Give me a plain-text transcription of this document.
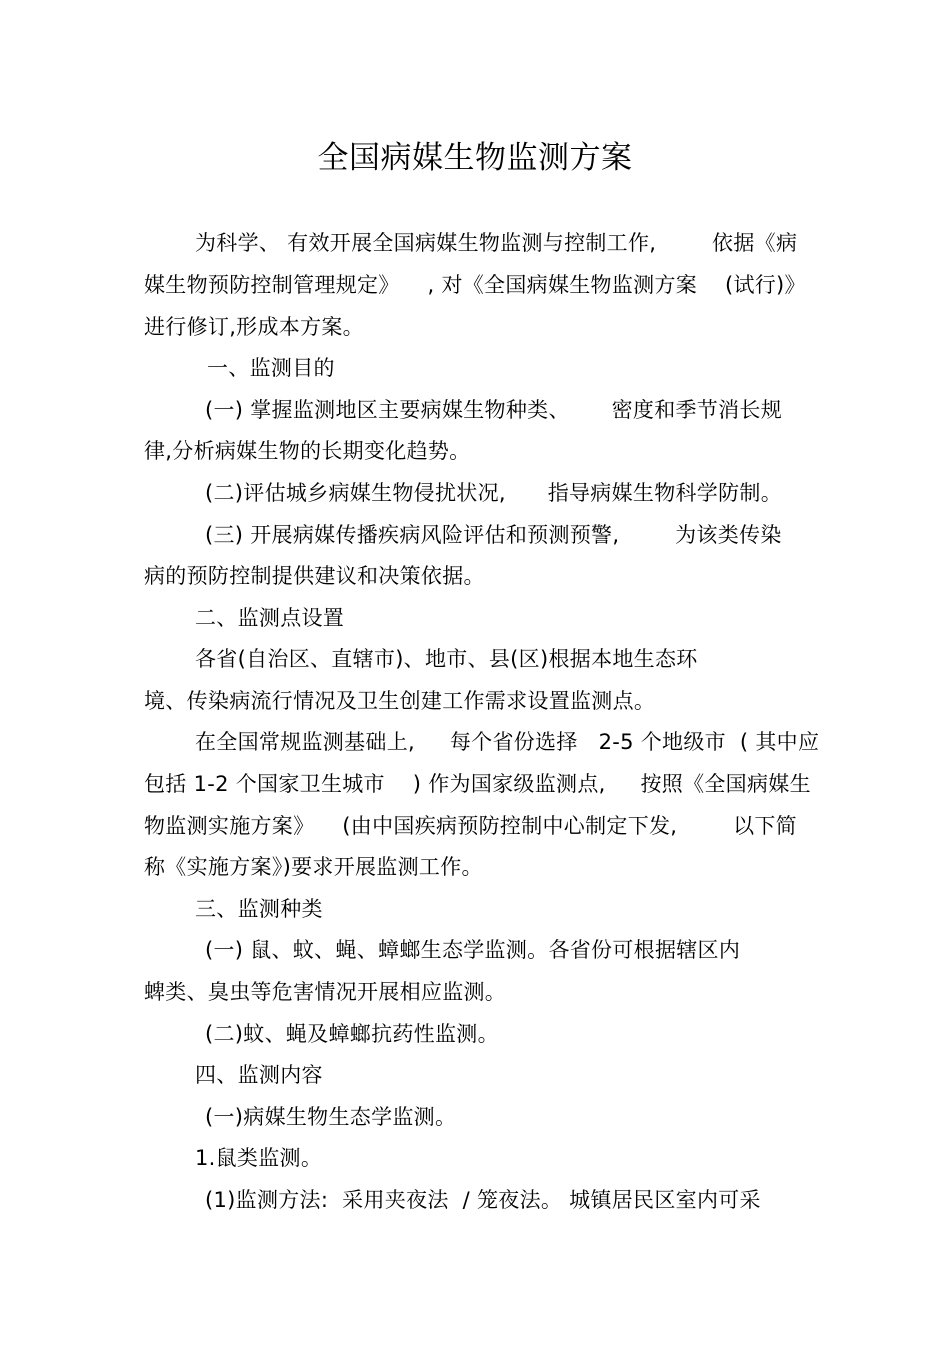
全国病媒生物监测方案
为科学、 有效开展全国病媒生物监测与控制工作,        依据《病
媒生物预防控制管理规定》    , 对《全国病媒生物监测方案    (试行)》
进行修订,形成本方案。
一、监测目的
(一) 掌握监测地区主要病媒生物种类、      密度和季节消长规
律,分析病媒生物的长期变化趋势。
(二)评估城乡病媒生物侵扰状况,      指导病媒生物科学防制。
(三) 开展病媒传播疾病风险评估和预测预警,        为该类传染
病的预防控制提供建议和决策依据。
二、监测点设置
各省(自治区、直辖市)、地市、县(区)根据本地生态环
境、传染病流行情况及卫生创建工作需求设置监测点。
在全国常规监测基础上,     每个省份选择   2-5 个地级市  ( 其中应
包括 1-2 个国家卫生城市    ) 作为国家级监测点,     按照《全国病媒生
物监测实施方案》    (由中国疾病预防控制中心制定下发,        以下简
称《实施方案》)要求开展监测工作。
三、监测种类
(一) 鼠、蚊、蝇、蟑螂生态学监测。各省份可根据辖区内
蜱类、臭虫等危害情况开展相应监测。
(二)蚊、蝇及蟑螂抗药性监测。
四、监测内容
(一)病媒生物生态学监测。
1.鼠类监测。
(1)监测方法:  采用夹夜法  / 笼夜法。 城镇居民区室内可采
